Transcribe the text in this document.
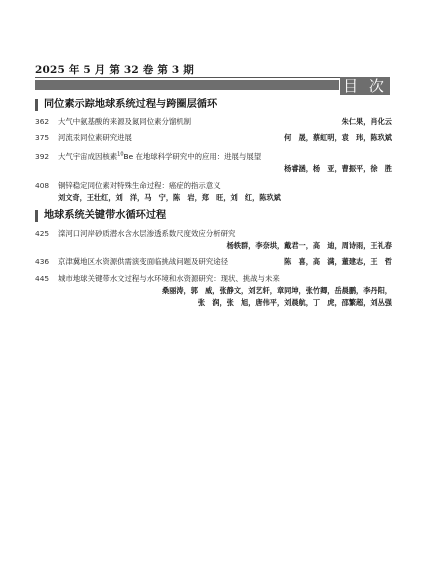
2025 年 5 月 第 32 卷 第 3 期
目 次
同位素示踪地球系统过程与跨圈层循环
362	大气中氨基酸的来源及氮同位素分馏机制	朱仁果，肖化云
375	河流汞同位素研究进展	何　晟，蔡虹明，袁　玮，陈玖斌
392	大气宇宙成因核素$^{10}$Be 在地球科学研究中的应用：进展与展望
杨睿涵，杨　亚，曹振平，徐　胜
408	铜锌稳定同位素对特殊生命过程：癌症的指示意义
刘文奇，王壮红，刘　洋，马　宁，陈　岩，郑　旺，刘　红，陈玖斌
地球系统关键带水循环过程
425	滦河口河岸砂质潜水含水层渗透系数尺度效应分析研究
杨轶群，李奈垬，戴君一，高　迪，周诗雨，王礼春
436	京津冀地区水资源供需演变面临挑战问题及研究途径	陈　喜，高　满，董建志，王　哲
445	城市地球关键带水文过程与水环境和水资源研究：现状、挑战与未来
桑丽涛，郭　威，张静文，刘艺轩，章同坤，张竹卿，岳晨鹏，李丹阳，
张　润，张　旭，唐伟平，刘晨航，丁　虎，邵繁超，刘丛强
